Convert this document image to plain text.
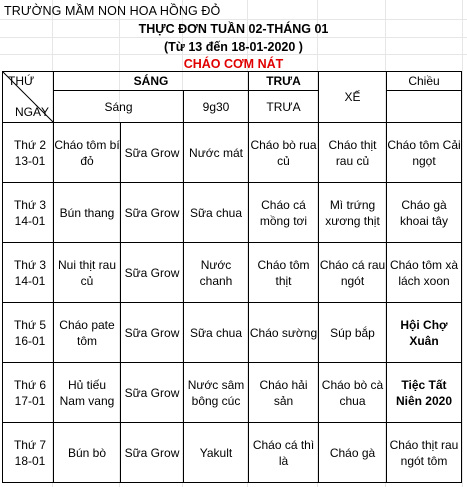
TRƯỜNG MẦM NON HOA HỒNG ĐỎ
THỰC ĐƠN TUẦN 02-THÁNG 01
(Từ 13 đến 18-01-2020 )
CHÁO CƠM NÁT
THỨ
NGÀY	SÁNG			TRƯA	XẾ	Chiều
	Sáng		9g30	TRƯA		

Thứ 2
13-01	Cháo tôm bí đỏ	Sữa Grow	Nước mát	Cháo bò rua củ	Cháo thịt rau củ	Cháo tôm Cải ngọt

Thứ 3
14-01	Bún thang	Sữa Grow	Sữa chua	Cháo cá mồng tơi	Mì trứng xương thịt	Cháo gà khoai tây

Thứ 3
14-01	Nui thịt rau củ	Sữa Grow	Nước chanh	Cháo tôm thịt	Cháo cá rau ngót	Cháo tôm xà lách xoon

Thứ 5
16-01	Cháo pate tôm	Sữa Grow	Sữa chua	Cháo sường	Súp bắp	Hội Chợ Xuân

Thứ 6
17-01	Hủ tiếu Nam vang	Sữa Grow	Nước sâm bông cúc	Cháo hải sản	Cháo bò cà chua	Tiệc Tất Niên 2020

Thứ 7
18-01	Bún bò	Sữa Grow	Yakult	Cháo cá thì là	Cháo gà	Cháo thịt rau ngót tôm
